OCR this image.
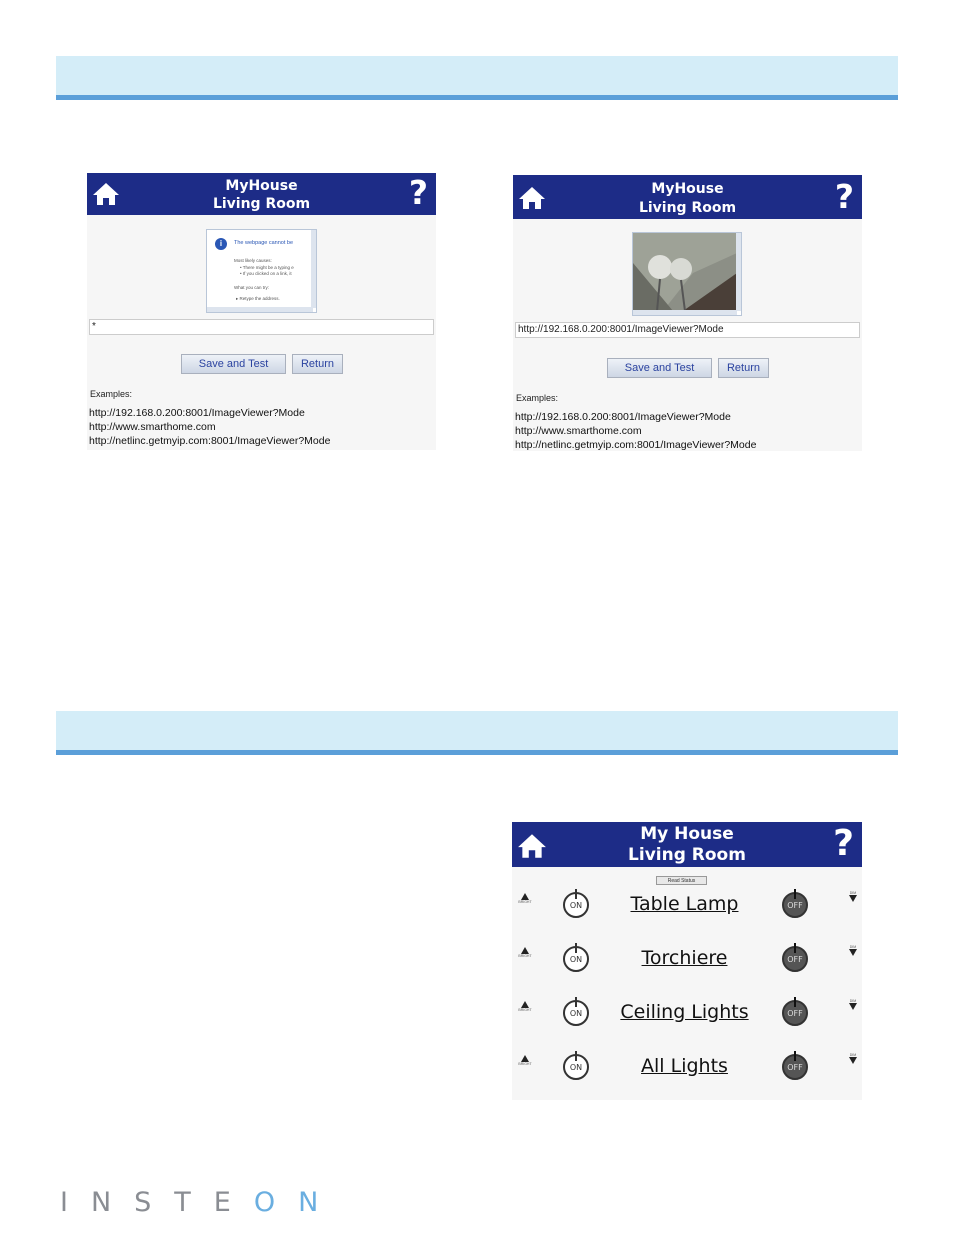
MyHouse
Living Room	?
i	The webpage cannot be
Most likely causes:
• There might be a typing e
• If you clicked on a link, it
What you can try:
▸ Retype the address.
*
Save and Test	Return
Examples:
http://192.168.0.200:8001/ImageViewer?Mode
http://www.smarthome.com
http://netlinc.getmyip.com:8001/ImageViewer?Mode
MyHouse
Living Room	?
http://192.168.0.200:8001/ImageViewer?Mode
Save and Test	Return
Examples:
http://192.168.0.200:8001/ImageViewer?Mode
http://www.smarthome.com
http://netlinc.getmyip.com:8001/ImageViewer?Mode
My House
Living Room	?
Read Status
BRIGHT	ON	Table Lamp	OFF
DIM
BRIGHT	ON	Torchiere	OFF
DIM
BRIGHT	ON	Ceiling Lights	OFF
DIM
BRIGHT	ON	All Lights	OFF
DIM
INSTEON
